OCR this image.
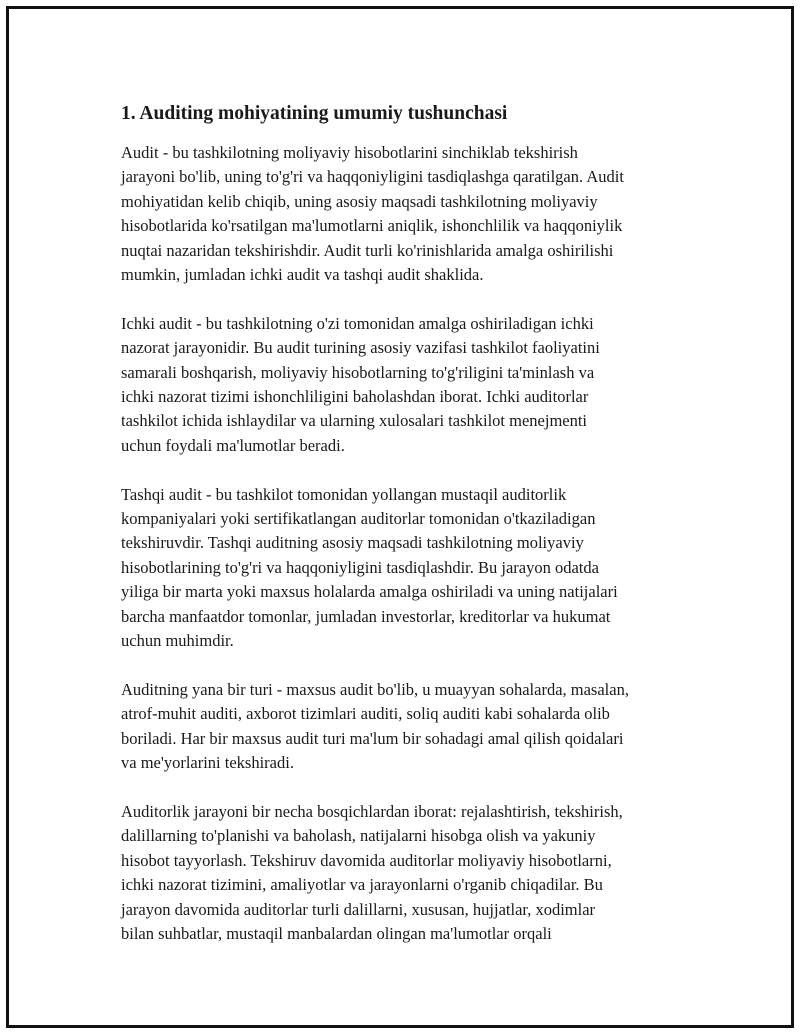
1. Auditing mohiyatining umumiy tushunchasi

Audit - bu tashkilotning moliyaviy hisobotlarini sinchiklab tekshirish
jarayoni bo'lib, uning to'g'ri va haqqoniyligini tasdiqlashga qaratilgan. Audit
mohiyatidan kelib chiqib, uning asosiy maqsadi tashkilotning moliyaviy
hisobotlarida ko'rsatilgan ma'lumotlarni aniqlik, ishonchlilik va haqqoniylik
nuqtai nazaridan tekshirishdir. Audit turli ko'rinishlarida amalga oshirilishi
mumkin, jumladan ichki audit va tashqi audit shaklida.

Ichki audit - bu tashkilotning o'zi tomonidan amalga oshiriladigan ichki
nazorat jarayonidir. Bu audit turining asosiy vazifasi tashkilot faoliyatini
samarali boshqarish, moliyaviy hisobotlarning to'g'riligini ta'minlash va
ichki nazorat tizimi ishonchliligini baholashdan iborat. Ichki auditorlar
tashkilot ichida ishlaydilar va ularning xulosalari tashkilot menejmenti
uchun foydali ma'lumotlar beradi.

Tashqi audit - bu tashkilot tomonidan yollangan mustaqil auditorlik
kompaniyalari yoki sertifikatlangan auditorlar tomonidan o'tkaziladigan
tekshiruvdir. Tashqi auditning asosiy maqsadi tashkilotning moliyaviy
hisobotlarining to'g'ri va haqqoniyligini tasdiqlashdir. Bu jarayon odatda
yiliga bir marta yoki maxsus holalarda amalga oshiriladi va uning natijalari
barcha manfaatdor tomonlar, jumladan investorlar, kreditorlar va hukumat
uchun muhimdir.

Auditning yana bir turi - maxsus audit bo'lib, u muayyan sohalarda, masalan,
atrof-muhit auditi, axborot tizimlari auditi, soliq auditi kabi sohalarda olib
boriladi. Har bir maxsus audit turi ma'lum bir sohadagi amal qilish qoidalari
va me'yorlarini tekshiradi.

Auditorlik jarayoni bir necha bosqichlardan iborat: rejalashtirish, tekshirish,
dalillarning to'planishi va baholash, natijalarni hisobga olish va yakuniy
hisobot tayyorlash. Tekshiruv davomida auditorlar moliyaviy hisobotlarni,
ichki nazorat tizimini, amaliyotlar va jarayonlarni o'rganib chiqadilar. Bu
jarayon davomida auditorlar turli dalillarni, xususan, hujjatlar, xodimlar
bilan suhbatlar, mustaqil manbalardan olingan ma'lumotlar orqali
